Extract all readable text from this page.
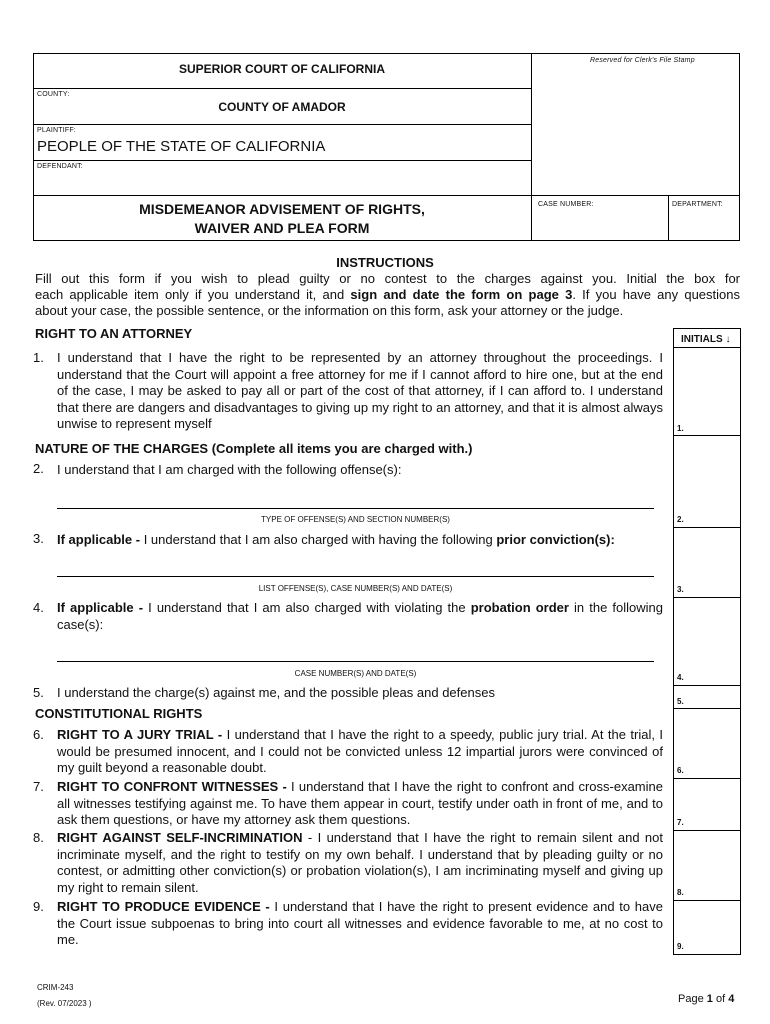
Reserved for Clerk's File Stamp
SUPERIOR COURT OF CALIFORNIA
COUNTY:
COUNTY OF AMADOR
PLAINTIFF:
PEOPLE OF THE STATE OF CALIFORNIA
DEFENDANT:
MISDEMEANOR ADVISEMENT OF RIGHTS,
WAIVER AND PLEA FORM
CASE NUMBER:	DEPARTMENT:
INSTRUCTIONS
Fill out this form if you wish to plead guilty or no contest to the charges against you. Initial the box for
each applicable item only if you understand it, and sign and date the form on page 3. If you have any questions
about your case, the possible sentence, or the information on this form, ask your attorney or the judge.
INITIALS ↓
1.
2.
3.
4.
5.
6.
7.
8.
9.
RIGHT TO AN ATTORNEY
1. I understand that I have the right to be represented by an attorney throughout the proceedings. I understand that the Court will appoint a free attorney for me if I cannot afford to hire one, but at the end of the case, I may be asked to pay all or part of the cost of that attorney, if I can afford to. I understand that there are dangers and disadvantages to giving up my right to an attorney, and that it is almost always unwise to represent myself
NATURE OF THE CHARGES (Complete all items you are charged with.)
2. I understand that I am charged with the following offense(s):
TYPE OF OFFENSE(S) AND SECTION NUMBER(S)
3. If applicable - I understand that I am also charged with having the following prior conviction(s):
LIST OFFENSE(S), CASE NUMBER(S) AND DATE(S)
4. If applicable - I understand that I am also charged with violating the probation order in the following case(s):
CASE NUMBER(S) AND DATE(S)
5. I understand the charge(s) against me, and the possible pleas and defenses
CONSTITUTIONAL RIGHTS
6. RIGHT TO A JURY TRIAL - I understand that I have the right to a speedy, public jury trial. At the trial, I would be presumed innocent, and I could not be convicted unless 12 impartial jurors were convinced of my guilt beyond a reasonable doubt.
7. RIGHT TO CONFRONT WITNESSES - I understand that I have the right to confront and cross-examine all witnesses testifying against me. To have them appear in court, testify under oath in front of me, and to ask them questions, or have my attorney ask them questions.
8. RIGHT AGAINST SELF-INCRIMINATION - I understand that I have the right to remain silent and not incriminate myself, and the right to testify on my own behalf. I understand that by pleading guilty or no contest, or admitting other conviction(s) or probation violation(s), I am incriminating myself and giving up my right to remain silent.
9. RIGHT TO PRODUCE EVIDENCE - I understand that I have the right to present evidence and to have the Court issue subpoenas to bring into court all witnesses and evidence favorable to me, at no cost to me.
CRIM-243
(Rev. 07/2023 )	Page 1 of 4
